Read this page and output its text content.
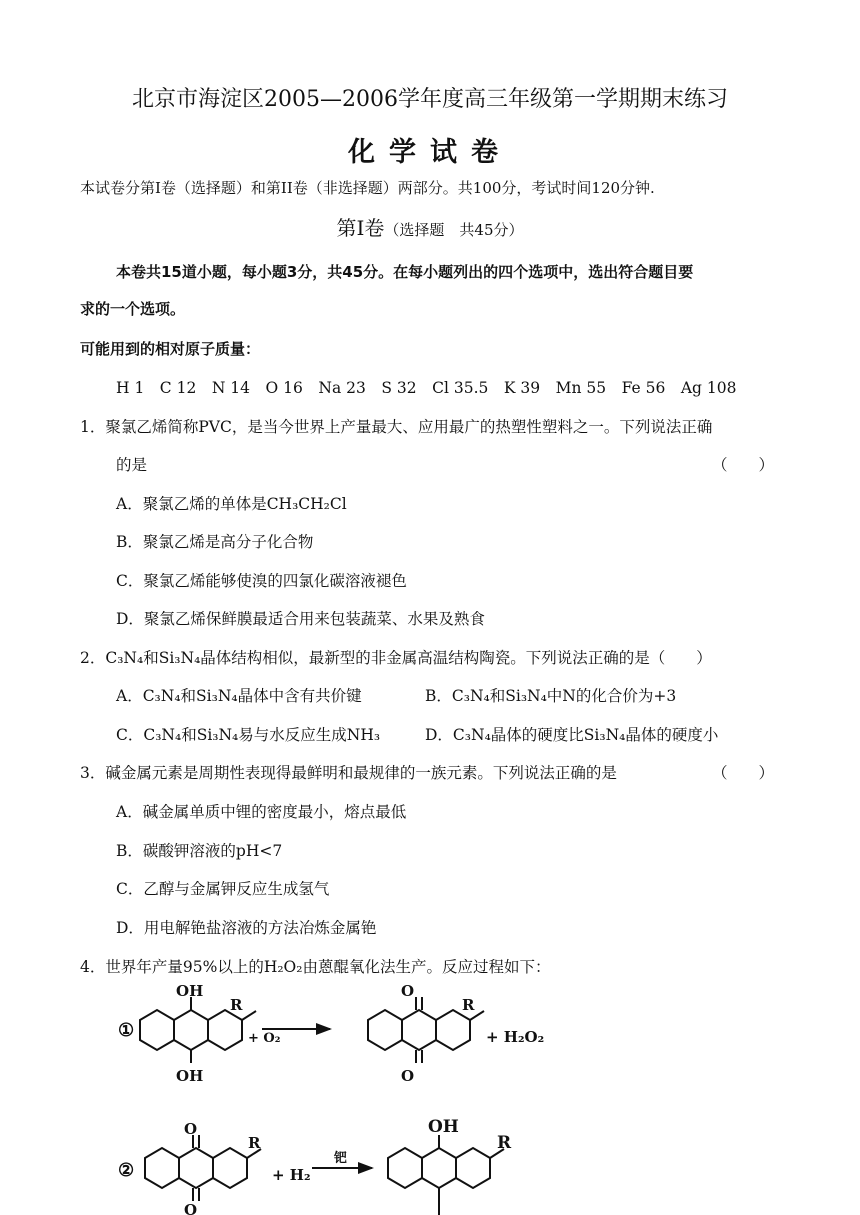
北京市海淀区2005—2006学年度高三年级第一学期期末练习
化学试卷
本试卷分第I卷（选择题）和第II卷（非选择题）两部分。共100分，考试时间120分钟.
第Ⅰ卷（选择题　共45分）
本卷共15道小题，每小题3分，共45分。在每小题列出的四个选项中，选出符合题目要
求的一个选项。
可能用到的相对原子质量：
H 1　C 12　N 14　O 16　Na 23　S 32　Cl 35.5　K 39　Mn 55　Fe 56　Ag 108
1．聚氯乙烯简称PVC，是当今世界上产量最大、应用最广的热塑性塑料之一。下列说法正确
的是	（　　）
A．聚氯乙烯的单体是CH₃CH₂Cl
B．聚氯乙烯是高分子化合物
C．聚氯乙烯能够使溴的四氯化碳溶液褪色
D．聚氯乙烯保鲜膜最适合用来包装蔬菜、水果及熟食
2．C₃N₄和Si₃N₄晶体结构相似，最新型的非金属高温结构陶瓷。下列说法正确的是（　　）
A．C₃N₄和Si₃N₄晶体中含有共价键	B．C₃N₄和Si₃N₄中N的化合价为+3
C．C₃N₄和Si₃N₄易与水反应生成NH₃	D．C₃N₄晶体的硬度比Si₃N₄晶体的硬度小
3．碱金属元素是周期性表现得最鲜明和最规律的一族元素。下列说法正确的是	（　　）
A．碱金属单质中锂的密度最小，熔点最低
B．碳酸钾溶液的pH<7
C．乙醇与金属钾反应生成氢气
D．用电解铯盐溶液的方法冶炼金属铯
4．世界年产量95%以上的H₂O₂由蒽醌氧化法生产。反应过程如下：
①
OH
OH
R
+ O₂
O
O
R
+ H₂O₂
②
O
O
R
+ H₂
钯
OH
R
